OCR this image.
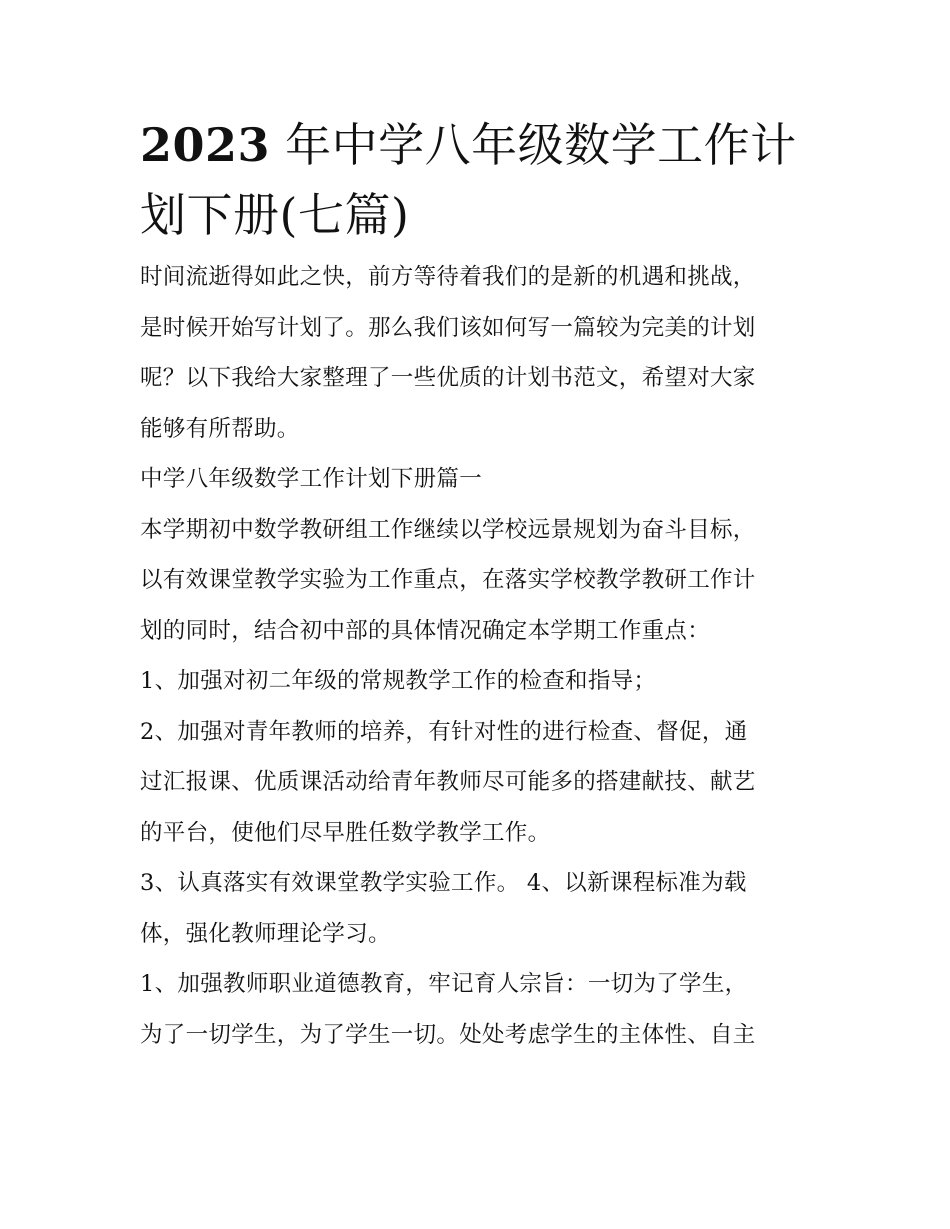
2023 年中学八年级数学工作计
划下册(七篇)

时间流逝得如此之快，前方等待着我们的是新的机遇和挑战，
是时候开始写计划了。那么我们该如何写一篇较为完美的计划
呢？以下我给大家整理了一些优质的计划书范文，希望对大家
能够有所帮助。

中学八年级数学工作计划下册篇一

本学期初中数学教研组工作继续以学校远景规划为奋斗目标，
以有效课堂教学实验为工作重点，在落实学校教学教研工作计
划的同时，结合初中部的具体情况确定本学期工作重点：

1、加强对初二年级的常规教学工作的检查和指导；

2、加强对青年教师的培养，有针对性的进行检查、督促，通
过汇报课、优质课活动给青年教师尽可能多的搭建献技、献艺
的平台，使他们尽早胜任数学教学工作。

3、认真落实有效课堂教学实验工作。 4、以新课程标准为载
体，强化教师理论学习。

1、加强教师职业道德教育，牢记育人宗旨：一切为了学生，
为了一切学生，为了学生一切。处处考虑学生的主体性、自主
